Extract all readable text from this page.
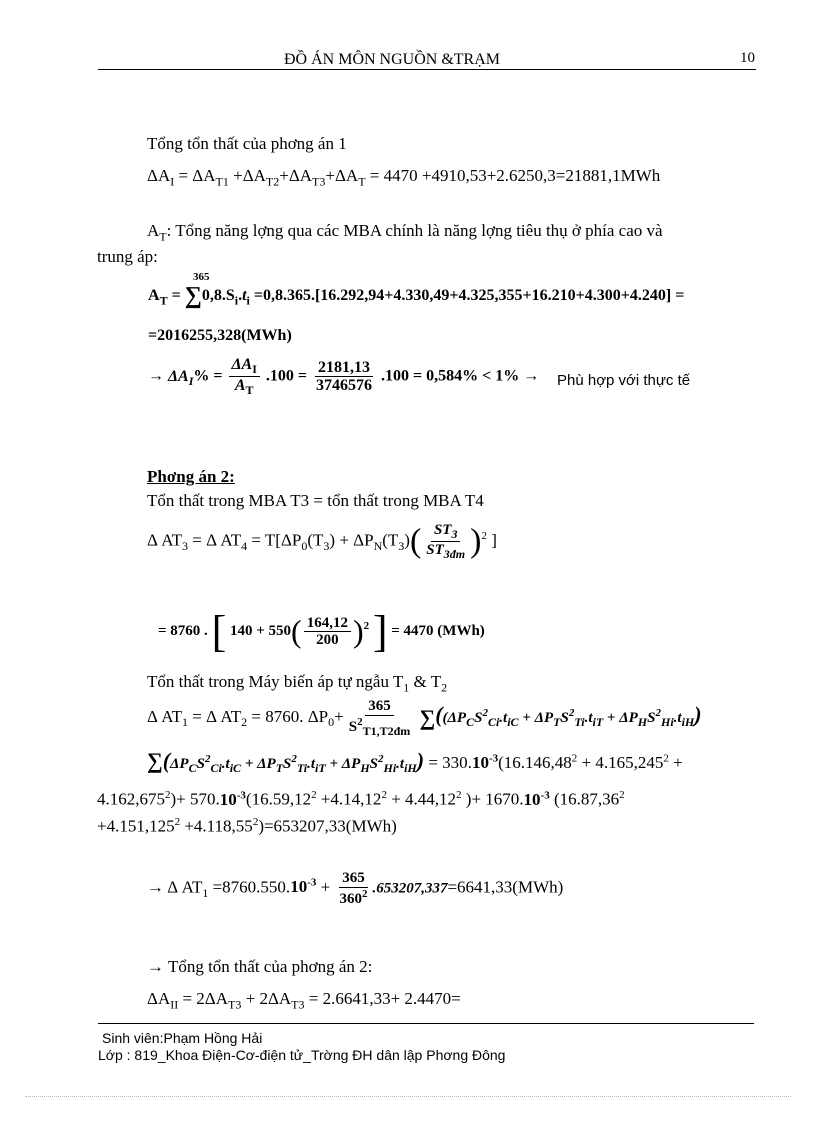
ĐỒ ÁN MÔN NGUỒN &TRẠM	10
Tổng tổn thất của phơng án 1
$\Delta A_I = \Delta A_{T1} +\Delta A_{T2}+\Delta A_{T3}+\Delta A_T = 4470 +4910,53+2.6250,3=21881,1MWh$
$A_T$: Tổng năng lợng qua các MBA chính là năng lợng tiêu thụ ở phía cao và
trung áp:
365
$A_T = \sum 0,8.S_i.t_i =0,8.365.[16.292,94+4.330,49+4.325,355+16.210+4.300+4.240]$ =
=2016255,328(MWh)
→ $\Delta A_I\% = \frac{\Delta A_I}{A_T} .100 = \frac{2181,13}{3746576} .100 = 0,584\% < 1\%$ → Phù hợp với thực tế
Phơng án 2:
Tổn thất trong MBA T3 = tổn thất trong MBA T4
Δ $AT_3 = \Delta$ $AT_4 = T[\Delta P_0(T_3) + \Delta P_N(T_3)( \frac{ST_3}{ST_{3đm}} )^2$ ]
= 8760 . [ $140 + 550( \frac{164,12}{200} )^2$ ] = 4470 (MWh)
Tổn thất trong Máy biến áp tự ngẫu $T_1$ & $T_2$
Δ $AT_1 = \Delta$ $AT_2 = 8760$. $\Delta P_0+ \frac{365}{S^2_{T1,T2đm}} \sum((\Delta P_CS^2_{Ci}.t_{iC} + \Delta P_TS^2_{Ti}.t_{iT} + \Delta P_HS^2_{Hi}.t_{iH})$
$\sum(\Delta P_CS^2_{Ci}.t_{iC} + \Delta P_TS^2_{Ti}.t_{iT} + \Delta P_HS^2_{Hi}.t_{iH}) = 330.10^{-3}(16.146,48^2 + 4.165,245^2$ +
$4.162,675^2)+ 570.10^{-3}(16.59,12^2 +4.14,12^2 + 4.44,12^2$ )+ $1670.10^{-3}$ ($16.87,36^2$
$+4.151,125^2 +4.118,55^2)=653207,33(MWh)$
→ Δ $AT_1 =8760.550.10^{-3} + \frac{365}{360^2} .653207,337=6641,33(MWh)$
→ Tổng tổn thất của phơng án 2:
$\Delta A_{II} = 2\Delta A_{T3} + 2\Delta A_{T3} = 2.6641,33+ 2.4470=$
Sinh viên:Phạm Hồng Hải
Lớp : 819_Khoa Điện-Cơ-điện tử_Trờng ĐH dân lập Phơng Đông
